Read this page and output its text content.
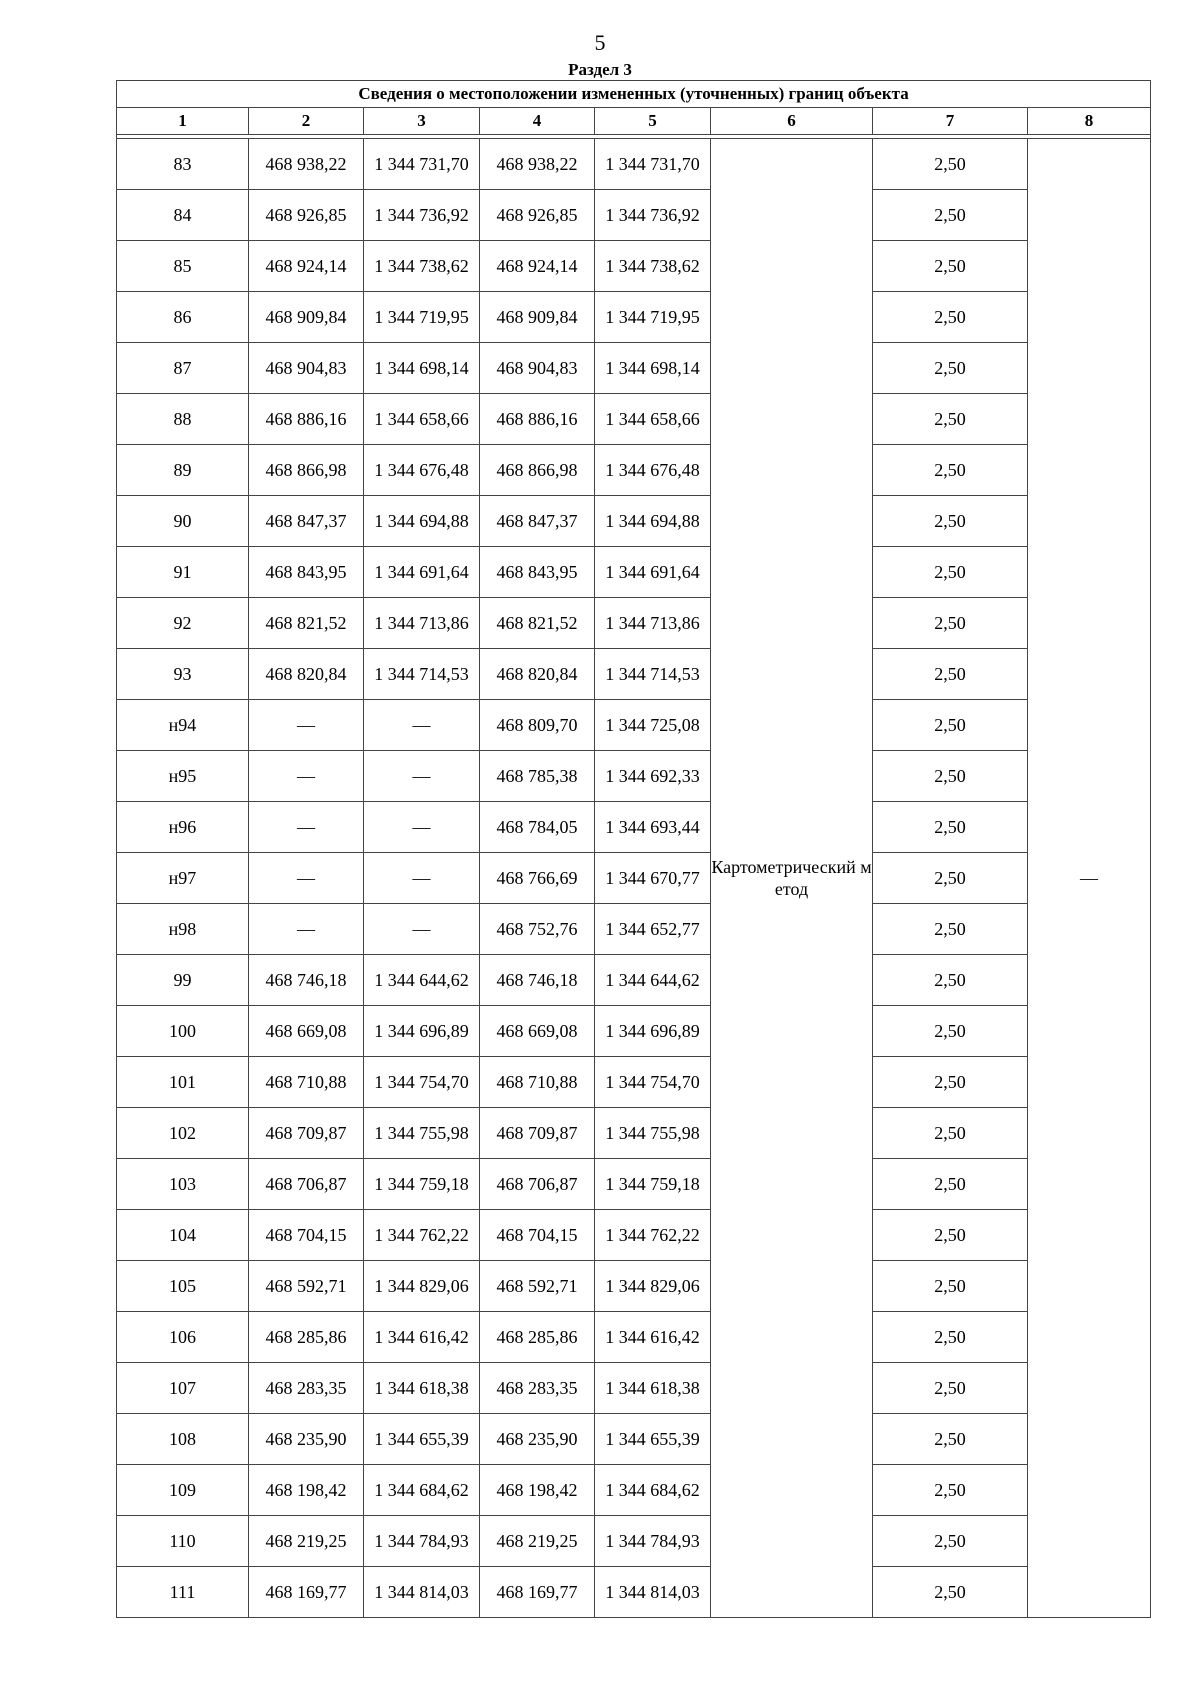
5
Раздел 3
Сведения о местоположении измененных (уточненных) границ объекта							
1	2	3	4	5	6	7	8

83	468 938,22	1 344 731,70	468 938,22	1 344 731,70	Картометрический метод	2,50	—
84	468 926,85	1 344 736,92	468 926,85	1 344 736,92		2,50	
85	468 924,14	1 344 738,62	468 924,14	1 344 738,62		2,50	
86	468 909,84	1 344 719,95	468 909,84	1 344 719,95		2,50	
87	468 904,83	1 344 698,14	468 904,83	1 344 698,14		2,50	
88	468 886,16	1 344 658,66	468 886,16	1 344 658,66		2,50	
89	468 866,98	1 344 676,48	468 866,98	1 344 676,48		2,50	
90	468 847,37	1 344 694,88	468 847,37	1 344 694,88		2,50	
91	468 843,95	1 344 691,64	468 843,95	1 344 691,64		2,50	
92	468 821,52	1 344 713,86	468 821,52	1 344 713,86		2,50	
93	468 820,84	1 344 714,53	468 820,84	1 344 714,53		2,50	
н94	—	—	468 809,70	1 344 725,08		2,50	
н95	—	—	468 785,38	1 344 692,33		2,50	
н96	—	—	468 784,05	1 344 693,44		2,50	
н97	—	—	468 766,69	1 344 670,77		2,50	
н98	—	—	468 752,76	1 344 652,77		2,50	
99	468 746,18	1 344 644,62	468 746,18	1 344 644,62		2,50	
100	468 669,08	1 344 696,89	468 669,08	1 344 696,89		2,50	
101	468 710,88	1 344 754,70	468 710,88	1 344 754,70		2,50	
102	468 709,87	1 344 755,98	468 709,87	1 344 755,98		2,50	
103	468 706,87	1 344 759,18	468 706,87	1 344 759,18		2,50	
104	468 704,15	1 344 762,22	468 704,15	1 344 762,22		2,50	
105	468 592,71	1 344 829,06	468 592,71	1 344 829,06		2,50	
106	468 285,86	1 344 616,42	468 285,86	1 344 616,42		2,50	
107	468 283,35	1 344 618,38	468 283,35	1 344 618,38		2,50	
108	468 235,90	1 344 655,39	468 235,90	1 344 655,39		2,50	
109	468 198,42	1 344 684,62	468 198,42	1 344 684,62		2,50	
110	468 219,25	1 344 784,93	468 219,25	1 344 784,93		2,50	
111	468 169,77	1 344 814,03	468 169,77	1 344 814,03		2,50	
